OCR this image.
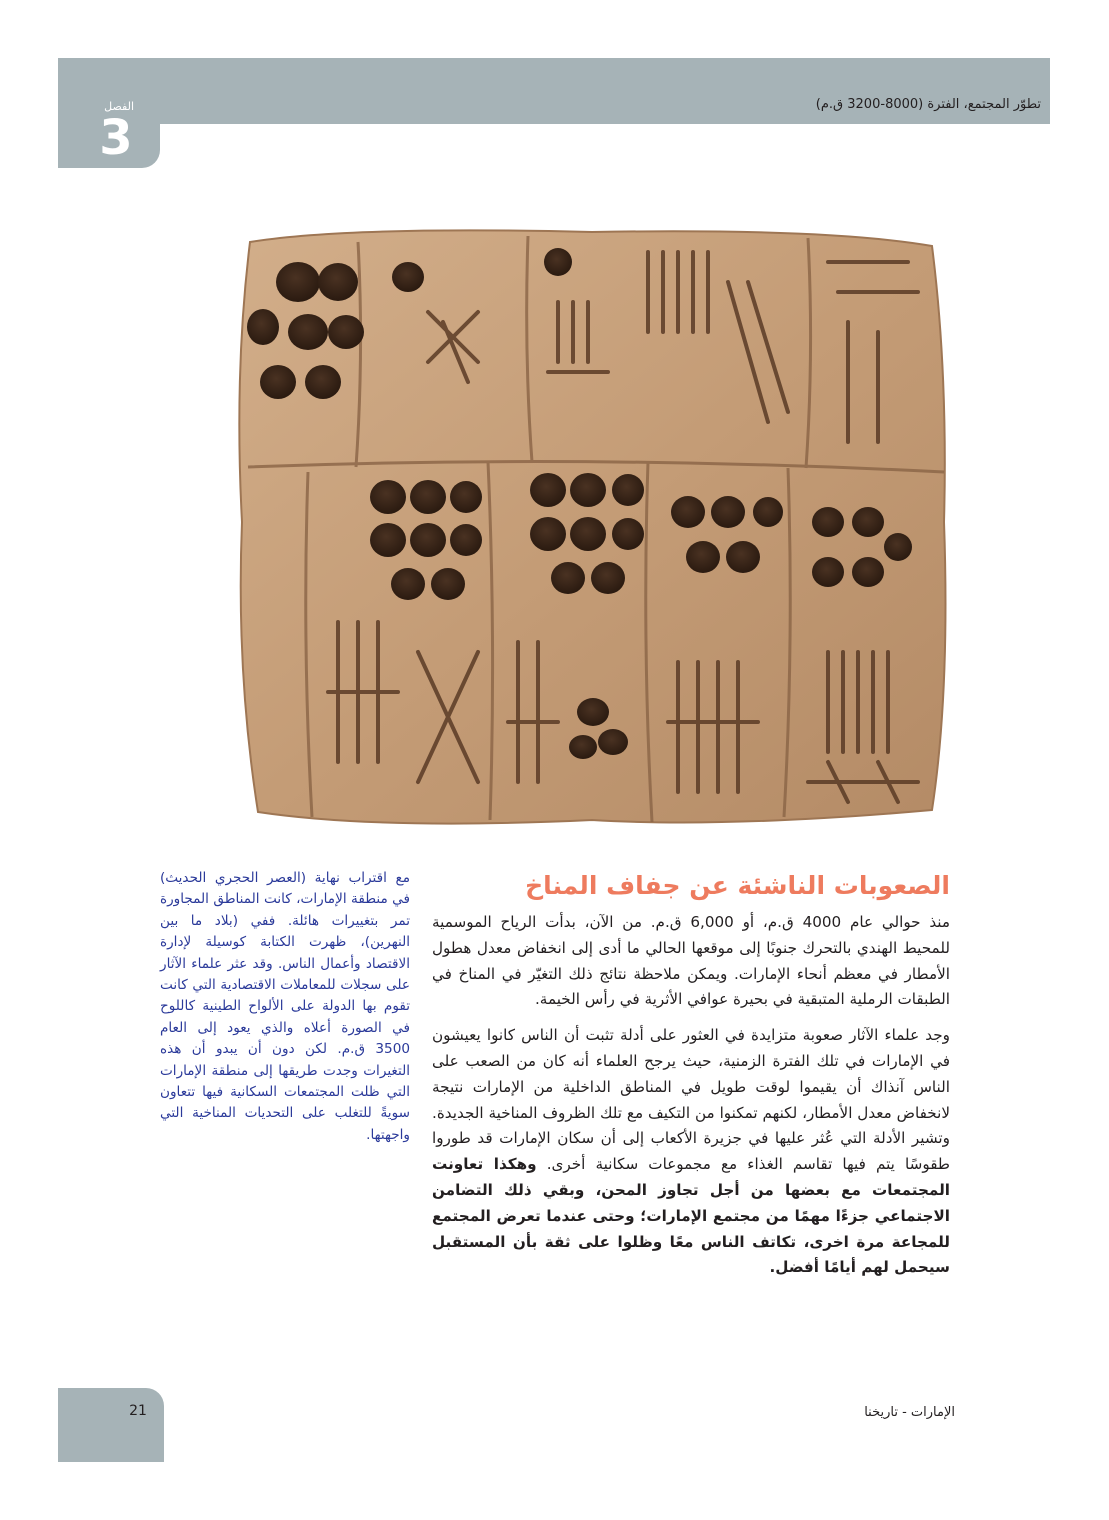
الفصل
3
تطوّر المجتمع، الفترة (8000-3200 ق.م)
مع اقتراب نهاية (العصر الحجري الحديث) في منطقة الإمارات، كانت المناطق المجاورة تمر بتغييرات هائلة. ففي (بلاد ما بين النهرين)، ظهرت الكتابة كوسيلة لإدارة الاقتصاد وأعمال الناس. وقد عثر علماء الآثار على سجلات للمعاملات الاقتصادية التي كانت تقوم بها الدولة على الألواح الطينية كاللوح في الصورة أعلاه والذي يعود إلى العام 3500 ق.م. لكن دون أن يبدو أن هذه التغيرات وجدت طريقها إلى منطقة الإمارات التي ظلت المجتمعات السكانية فيها تتعاون سويةً للتغلب على التحديات المناخية التي واجهتها.
الصعوبات الناشئة عن جفاف المناخ

منذ حوالي عام 4000 ق.م، أو 6,000 ق.م. من الآن، بدأت الرياح الموسمية للمحيط الهندي بالتحرك جنوبًا إلى موقعها الحالي ما أدى إلى انخفاض معدل هطول الأمطار في معظم أنحاء الإمارات. ويمكن ملاحظة نتائج ذلك التغيّر في المناخ في الطبقات الرملية المتبقية في بحيرة عوافي الأثرية في رأس الخيمة.

وجد علماء الآثار صعوبة متزايدة في العثور على أدلة تثبت أن الناس كانوا يعيشون في الإمارات في تلك الفترة الزمنية، حيث يرجح العلماء أنه كان من الصعب على الناس آنذاك أن يقيموا لوقت طويل في المناطق الداخلية من الإمارات نتيجة لانخفاض معدل الأمطار، لكنهم تمكنوا من التكيف مع تلك الظروف المناخية الجديدة. وتشير الأدلة التي عُثر عليها في جزيرة الأكعاب إلى أن سكان الإمارات قد طوروا طقوسًا يتم فيها تقاسم الغذاء مع مجموعات سكانية أخرى. وهكذا تعاونت المجتمعات مع بعضها من أجل تجاوز المحن، وبقي ذلك التضامن الاجتماعي جزءًا مهمًا من مجتمع الإمارات؛ وحتى عندما تعرض المجتمع للمجاعة مرة اخرى، تكاتف الناس معًا وظلوا على ثقة بأن المستقبل سيحمل لهم أيامًا أفضل.

21	الإمارات - تاريخنا
